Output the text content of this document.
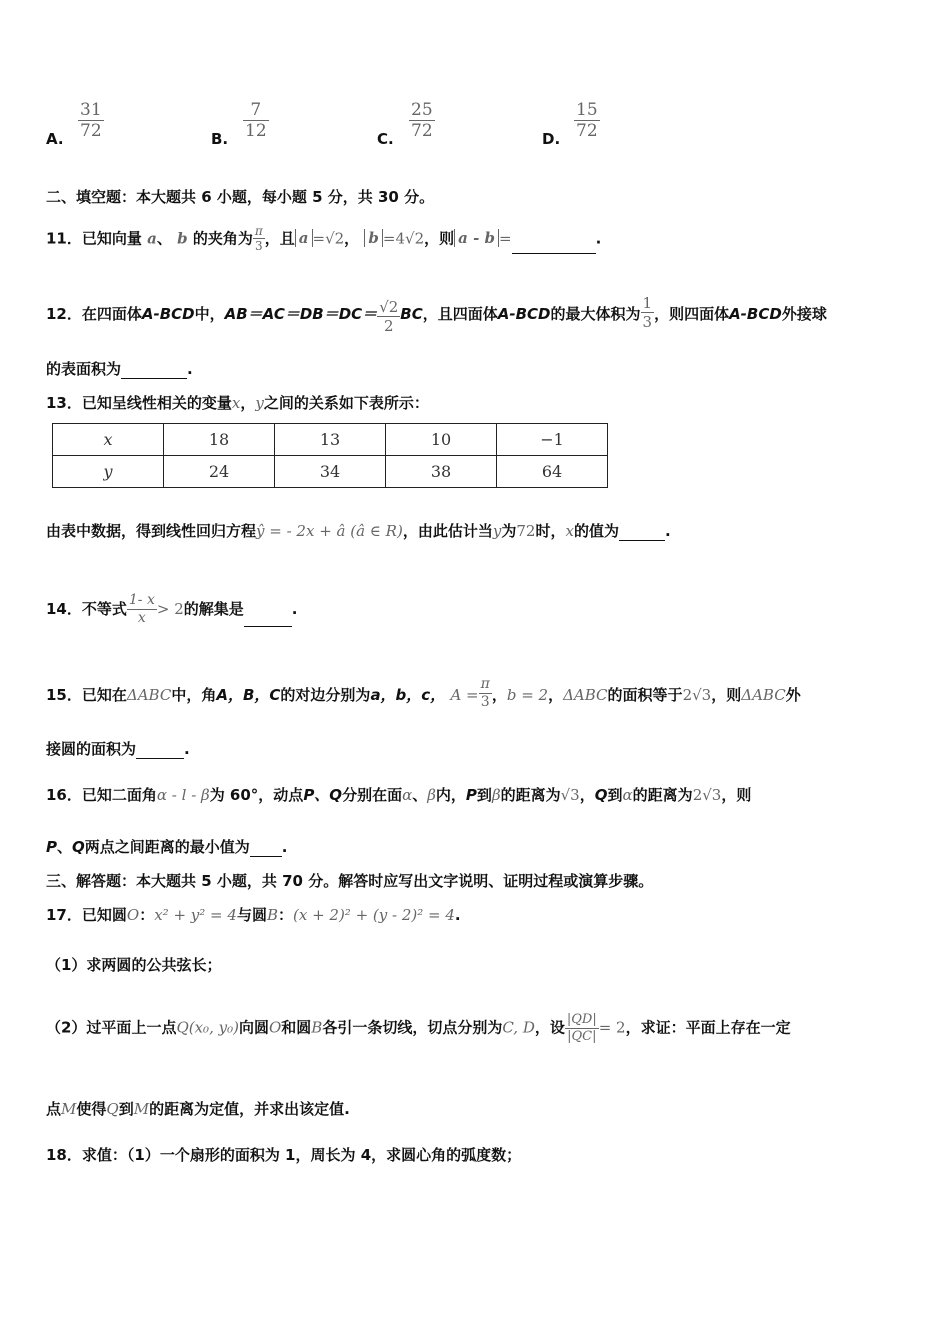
A. $\frac{31}{72}$	B. $\frac{7}{12}$	C. $\frac{25}{72}$	D. $\frac{15}{72}$
二、填空题：本大题共 6 小题，每小题 5 分，共 30 分。
11．已知向量 a、 b 的夹角为 $\frac{\pi}{3}$ ，且 a =√2， b =4√2，则 a - b =	.
12．在四面体A-BCD中，$AB=AC=DB=DC= \frac{√2}{2}$ BC，且四面体A-BCD的最大体积为 $\frac{1}{3}$ ，则四面体A-BCD外接球
的表面积为	.
13．已知呈线性相关的变量x，y之间的关系如下表所示：
x	18	13	10	−1
y	24	34	38	64
由表中数据，得到线性回归方程ŷ = - 2x + â (â ∈ R)，由此估计当y为72时，x的值为	.
14．不等式 $\frac{1- x}{x} > 2$的解集是	.
15．已知在ΔABC中，角A，B，C的对边分别为a，b，c， $A = \frac{\pi}{3}$ ，b = 2，ΔABC的面积等于2√3，则ΔABC外
接圆的面积为	.
16．已知二面角α - l - β为 60°，动点P、Q分别在面α、β内，P到β的距离为√3，Q到α的距离为2√3，则
P、Q两点之间距离的最小值为 .
三、解答题：本大题共 5 小题，共 70 分。解答时应写出文字说明、证明过程或演算步骤。
17．已知圆O：x² + y² = 4与圆B：(x + 2)² + (y - 2)² = 4.
（1）求两圆的公共弦长；
（2）过平面上一点Q(x₀, y₀)向圆O和圆B各引一条切线，切点分别为C, D，设 $\frac{|QD|}{|QC|} = 2$，求证：平面上存在一定
点M使得Q到M的距离为定值，并求出该定值.
18．求值：（1）一个扇形的面积为 1，周长为 4，求圆心角的弧度数；
